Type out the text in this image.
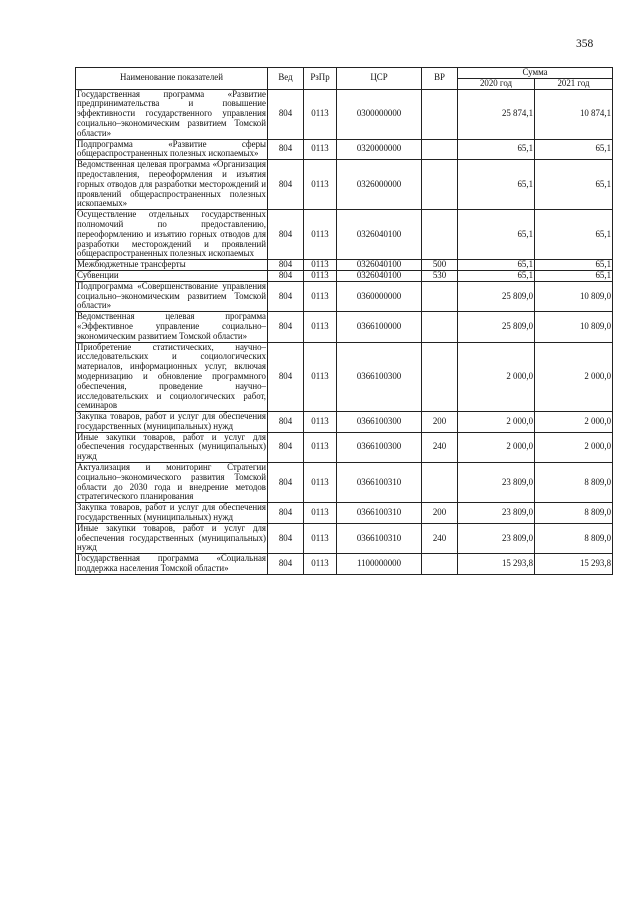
358
Наименование показателей	Вед	РзПр	ЦСР	ВР	Сумма	
					2020 год	2021 год
Государственная программа «Развитие предпринимательства и повышение эффективности государственного управления социально–экономическим развитием Томской области»	804	0113	0300000000		25 874,1	10 874,1
Подпрограмма «Развитие сферы общераспространенных полезных ископаемых»	804	0113	0320000000		65,1	65,1
Ведомственная целевая программа «Организация предоставления, переоформления и изъятия горных отводов для разработки месторождений и проявлений общераспространенных полезных ископаемых»	804	0113	0326000000		65,1	65,1
Осуществление отдельных государственных полномочий по предоставлению, переоформлению и изъятию горных отводов для разработки месторождений и проявлений общераспространенных полезных ископаемых	804	0113	0326040100		65,1	65,1
Межбюджетные трансферты	804	0113	0326040100	500	65,1	65,1
Субвенции	804	0113	0326040100	530	65,1	65,1
Подпрограмма «Совершенствование управления социально–экономическим развитием Томской области»	804	0113	0360000000		25 809,0	10 809,0
Ведомственная целевая программа «Эффективное управление социально–экономическим развитием Томской области»	804	0113	0366100000		25 809,0	10 809,0
Приобретение статистических, научно–исследовательских и социологических материалов, информационных услуг, включая модернизацию и обновление программного обеспечения, проведение научно–исследовательских и социологических работ, семинаров	804	0113	0366100300		2 000,0	2 000,0
Закупка товаров, работ и услуг для обеспечения государственных (муниципальных) нужд	804	0113	0366100300	200	2 000,0	2 000,0
Иные закупки товаров, работ и услуг для обеспечения государственных (муниципальных) нужд	804	0113	0366100300	240	2 000,0	2 000,0
Актуализация и мониторинг Стратегии социально–экономического развития Томской области до 2030 года и внедрение методов стратегического планирования	804	0113	0366100310		23 809,0	8 809,0
Закупка товаров, работ и услуг для обеспечения государственных (муниципальных) нужд	804	0113	0366100310	200	23 809,0	8 809,0
Иные закупки товаров, работ и услуг для обеспечения государственных (муниципальных) нужд	804	0113	0366100310	240	23 809,0	8 809,0
Государственная программа «Социальная поддержка населения Томской области»	804	0113	1100000000		15 293,8	15 293,8
